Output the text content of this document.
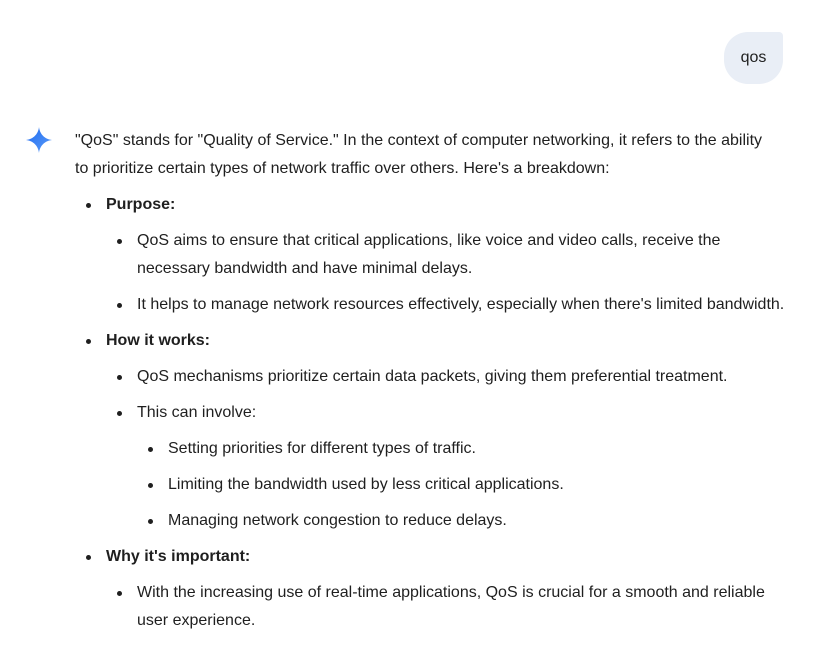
qos

"QoS" stands for "Quality of Service." In the context of computer networking, it refers to the ability to prioritize certain types of network traffic over others. Here's a breakdown:

Purpose:
QoS aims to ensure that critical applications, like voice and video calls, receive the necessary bandwidth and have minimal delays.
It helps to manage network resources effectively, especially when there's limited bandwidth.
How it works:
QoS mechanisms prioritize certain data packets, giving them preferential treatment.
This can involve:
Setting priorities for different types of traffic.
Limiting the bandwidth used by less critical applications.
Managing network congestion to reduce delays.
Why it's important:
With the increasing use of real-time applications, QoS is crucial for a smooth and reliable user experience.
